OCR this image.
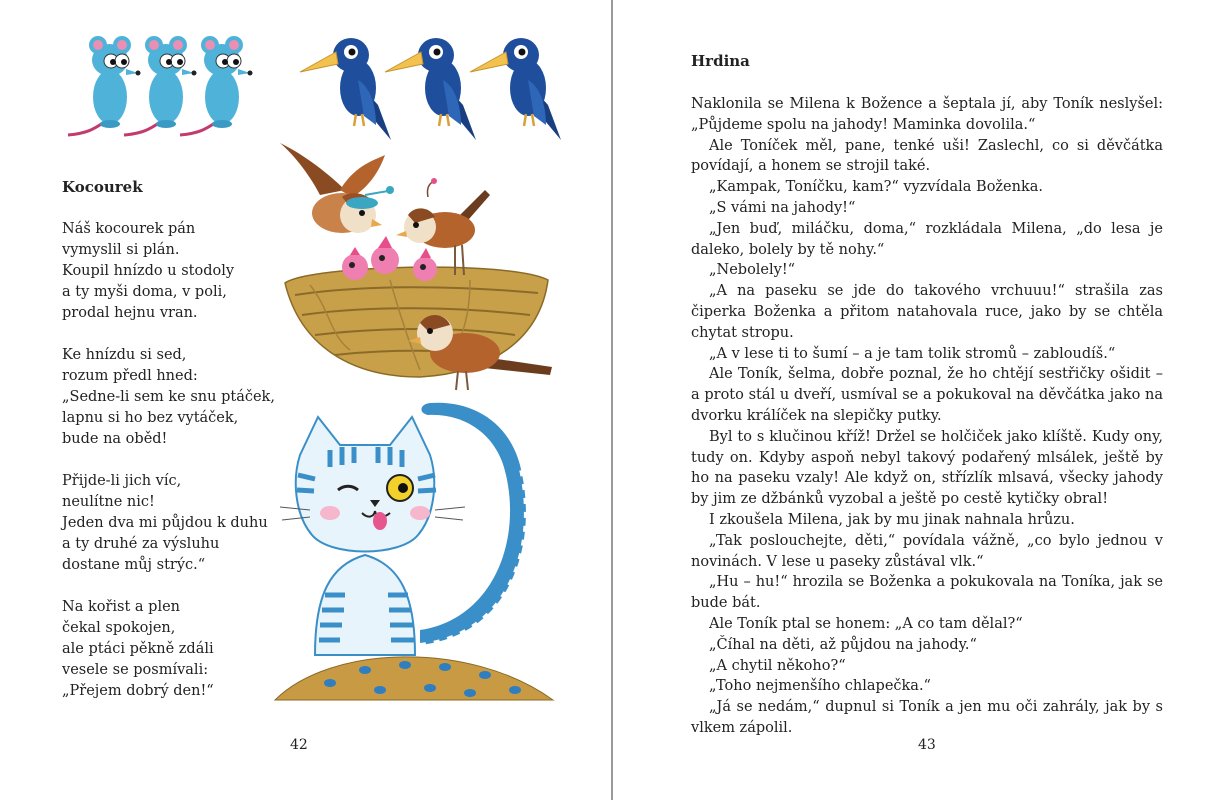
Kocourek
Náš kocourek pán
vymyslil si plán.
Koupil hnízdo u stodoly
a ty myši doma, v poli,
prodal hejnu vran.
Ke hnízdu si sed,
rozum předl hned:
„Sedne-li sem ke snu ptáček,
lapnu si ho bez vytáček,
bude na oběd!
Přijde-li jich víc,
neulítne nic!
Jeden dva mi půjdou k duhu
a ty druhé za výsluhu
dostane můj strýc.“
Na kořist a plen
čekal spokojen,
ale ptáci pěkně zdáli
vesele se posmívali:
„Přejem dobrý den!“
42
Hrdina
Naklonila se Milena k Božence a šeptala jí, aby Toník neslyšel: „Půjdeme spolu na jahody! Maminka dovolila.“
Ale Toníček měl, pane, tenké uši! Zaslechl, co si děvčátka povídají, a honem se strojil také.
„Kampak, Toníčku, kam?“ vyzvídala Boženka.
„S vámi na jahody!“
„Jen buď, miláčku, doma,“ rozkládala Milena, „do lesa je daleko, bolely by tě nohy.“
„Nebolely!“
„A na paseku se jde do takového vrchuuu!“ strašila zas čiperka Boženka a přitom natahovala ruce, jako by se chtěla chytat stropu.
„A v lese ti to šumí – a je tam tolik stromů – zabloudíš.“
Ale Toník, šelma, dobře poznal, že ho chtějí sestřičky ošidit – a proto stál u dveří, usmíval se a pokukoval na děvčátka jako na dvorku králíček na slepičky putky.
Byl to s klučinou kříž! Držel se holčiček jako klíště. Kudy ony, tudy on. Kdyby aspoň nebyl takový podařený mlsálek, ještě by ho na paseku vzaly! Ale když on, střízlík mlsavá, všecky jahody by jim ze džbánků vyzobal a ještě po cestě kytičky obral!
I zkoušela Milena, jak by mu jinak nahnala hrůzu.
„Tak poslouchejte, děti,“ povídala vážně, „co bylo jednou v novinách. V lese u paseky zůstával vlk.“
„Hu – hu!“ hrozila se Boženka a pokukovala na Toníka, jak se bude bát.
Ale Toník ptal se honem: „A co tam dělal?“
„Číhal na děti, až půjdou na jahody.“
„A chytil někoho?“
„Toho nejmenšího chlapečka.“
„Já se nedám,“ dupnul si Toník a jen mu oči zahrály, jak by s vlkem zápolil.
43
